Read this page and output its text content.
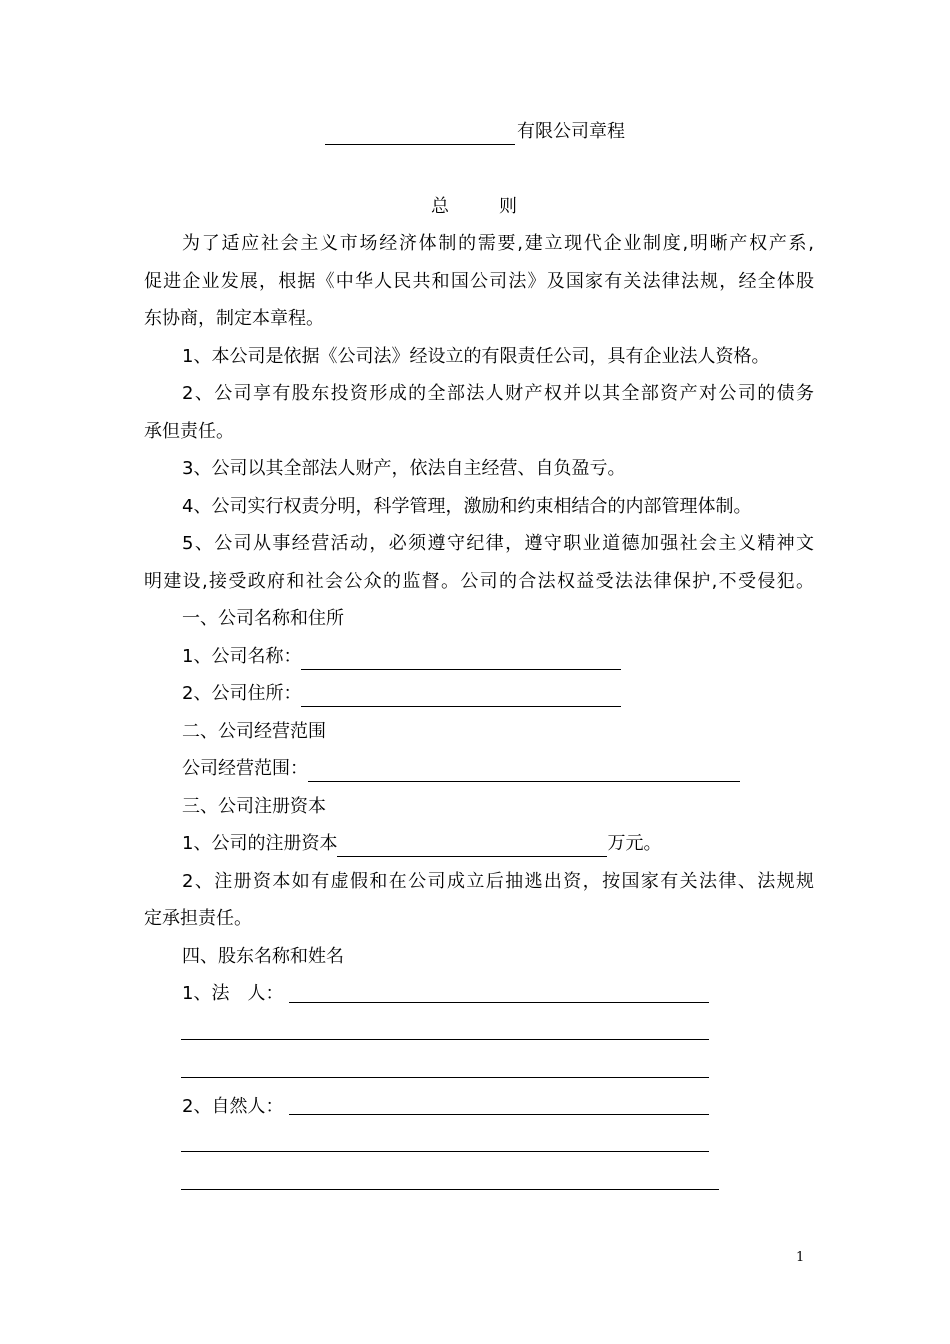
有限公司章程
总	则
为了适应社会主义市场经济体制的需要,建立现代企业制度,明晰产权产系,
促进企业发展，根据《中华人民共和国公司法》及国家有关法律法规，经全体股
东协商，制定本章程。
1、本公司是依据《公司法》经设立的有限责任公司，具有企业法人资格。
2、公司享有股东投资形成的全部法人财产权并以其全部资产对公司的债务
承但责任。
3、公司以其全部法人财产，依法自主经营、自负盈亏。
4、公司实行权责分明，科学管理，激励和约束相结合的内部管理体制。
5、公司从事经营活动，必须遵守纪律，遵守职业道德加强社会主义精神文
明建设,接受政府和社会公众的监督。公司的合法权益受法法律保护,不受侵犯。
一、公司名称和住所
1、公司名称：
2、公司住所：
二、公司经营范围
公司经营范围：
三、公司注册资本
1、公司的注册资本	万元。
2、注册资本如有虚假和在公司成立后抽逃出资，按国家有关法律、法规规
定承担责任。
四、股东名称和姓名
1、法　人：
2、自然人：
1
